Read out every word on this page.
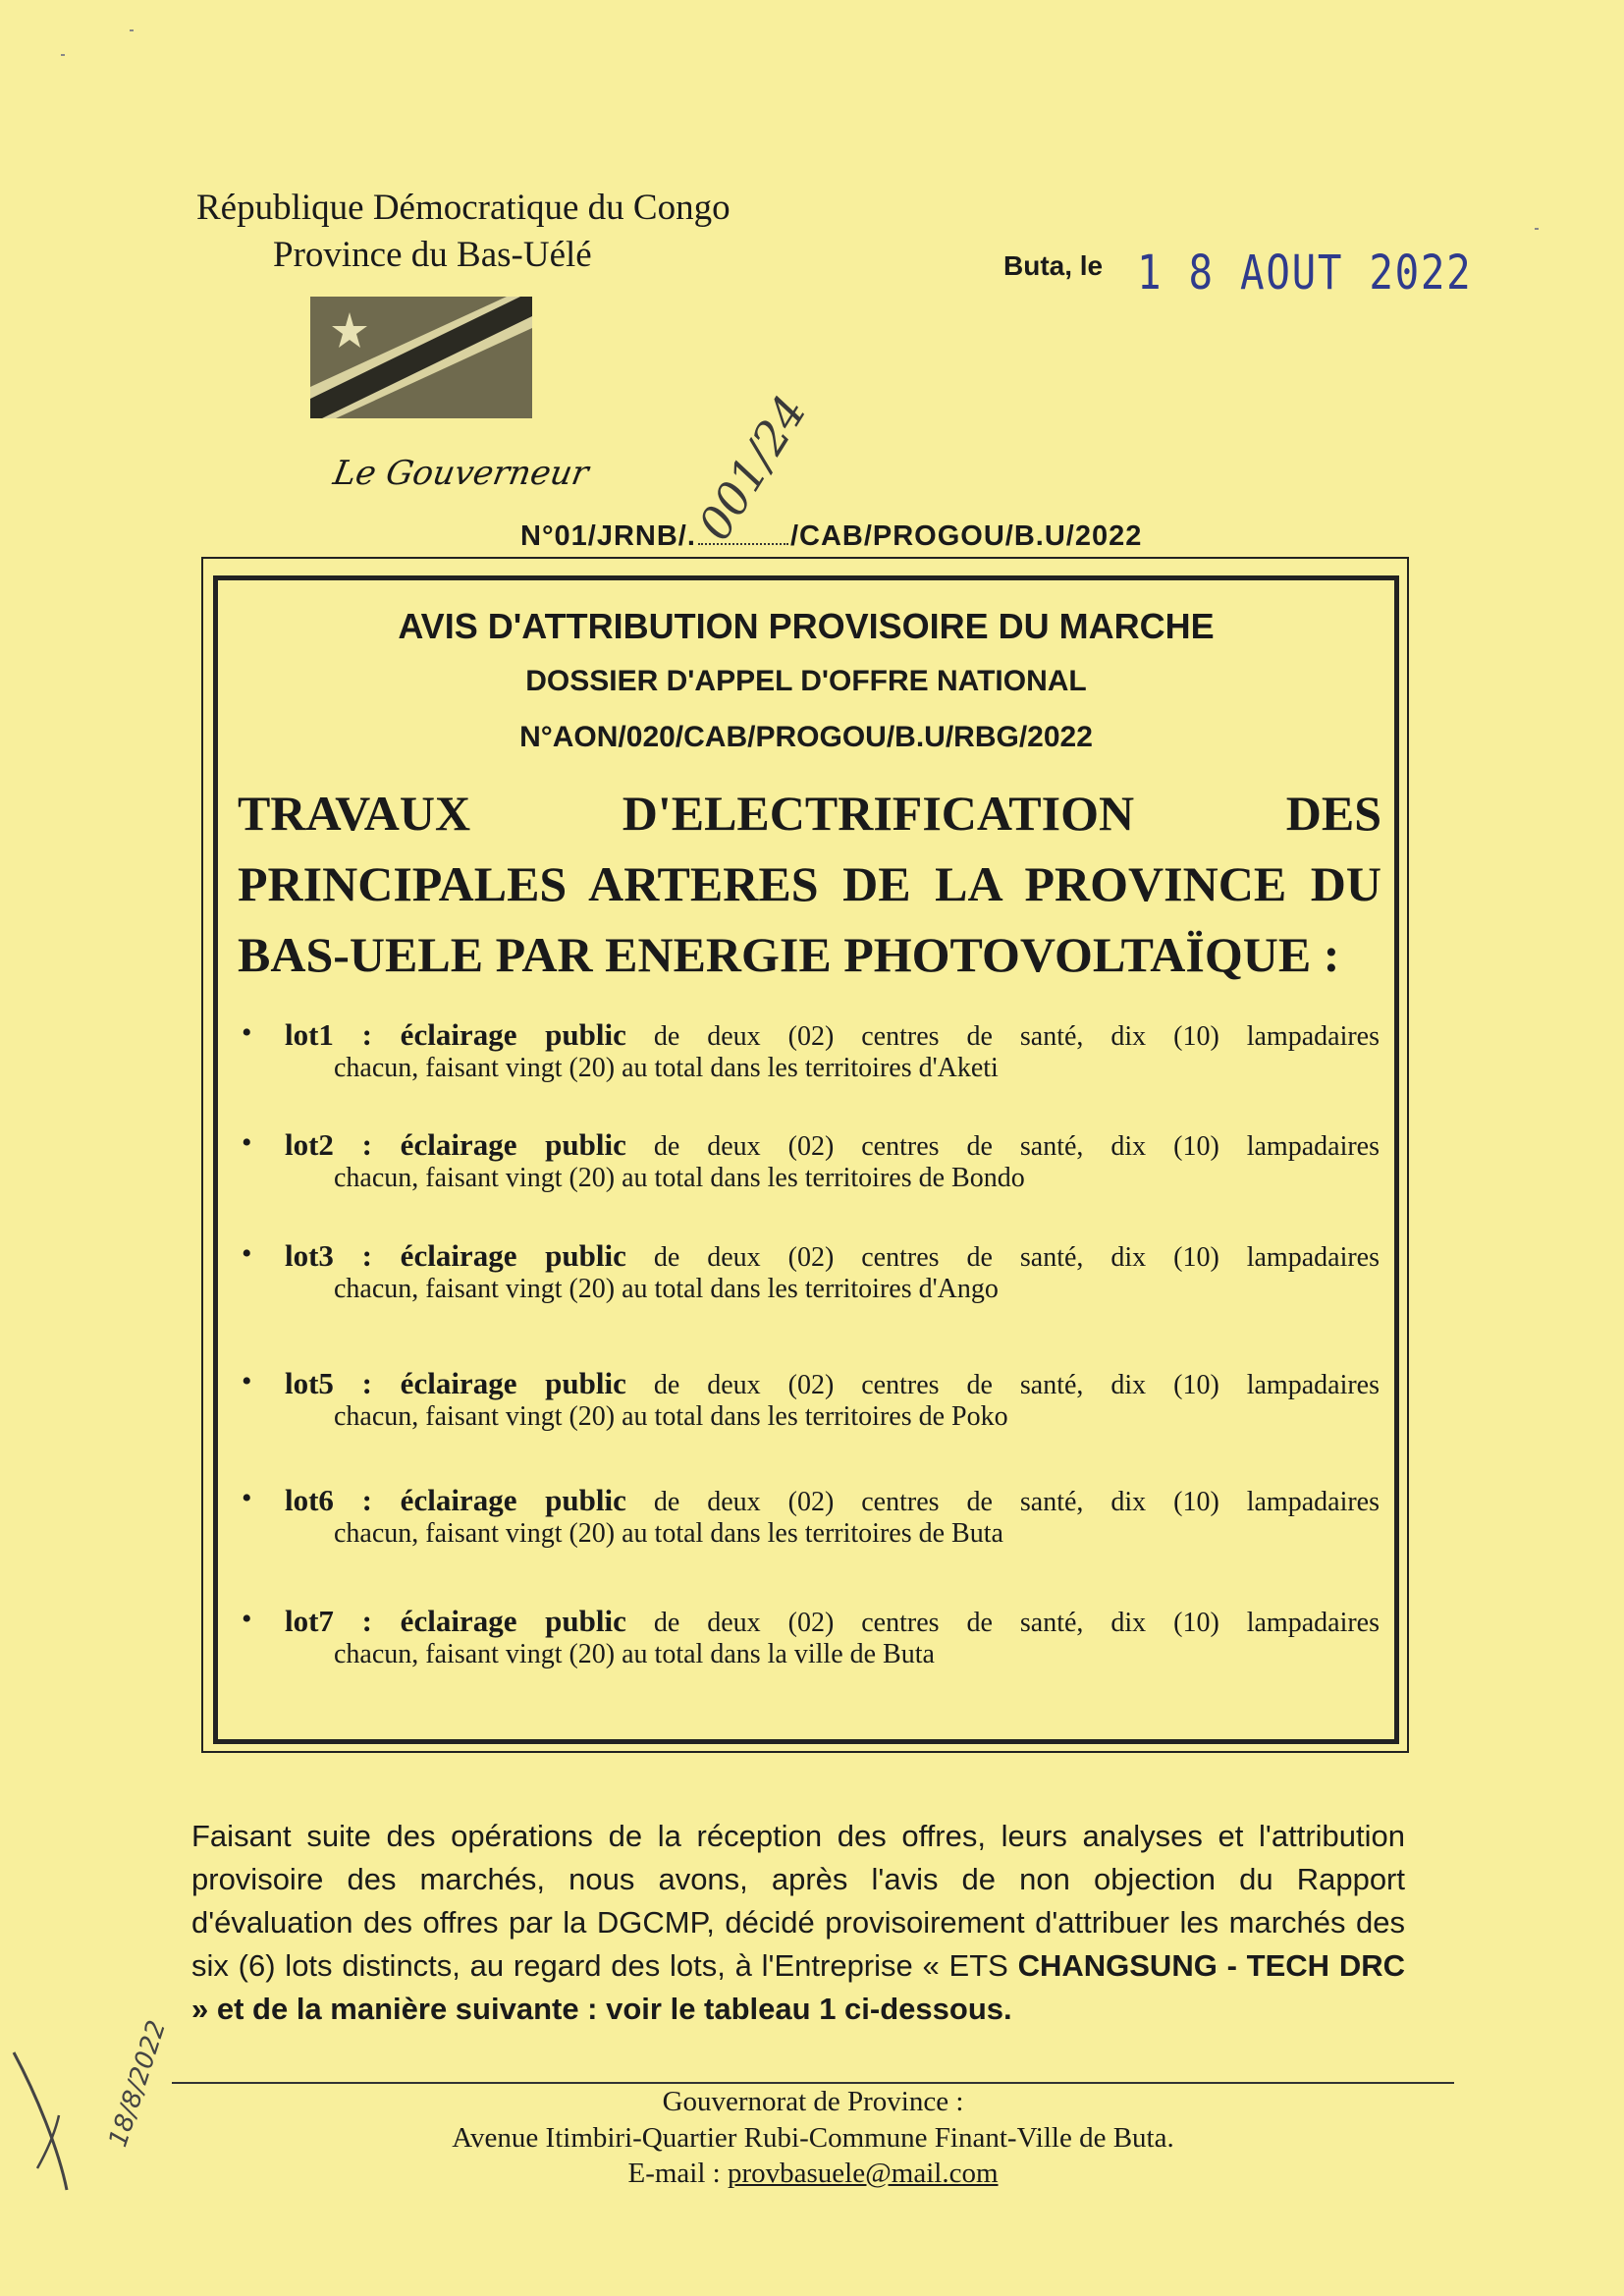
République Démocratique du Congo
Province du Bas-Uélé	Buta, le 1 8 AOUT 2022
Le Gouverneur
N°01/JRNB/.	/CAB/PROGOU/B.U/2022
001/24
AVIS D'ATTRIBUTION PROVISOIRE DU MARCHE
DOSSIER D'APPEL D'OFFRE NATIONAL
N°AON/020/CAB/PROGOU/B.U/RBG/2022
TRAVAUX D'ELECTRIFICATION DES
PRINCIPALES ARTERES DE LA PROVINCE DU
BAS-UELE PAR ENERGIE PHOTOVOLTAÏQUE :
• lot1 : éclairage public de deux (02) centres de santé, dix (10) lampadaires
chacun, faisant vingt (20) au total dans les territoires d'Aketi
• lot2 : éclairage public de deux (02) centres de santé, dix (10) lampadaires
chacun, faisant vingt (20) au total dans les territoires de Bondo
• lot3 : éclairage public de deux (02) centres de santé, dix (10) lampadaires
chacun, faisant vingt (20) au total dans les territoires d'Ango
• lot5 : éclairage public de deux (02) centres de santé, dix (10) lampadaires
chacun, faisant vingt (20) au total dans les territoires de Poko
• lot6 : éclairage public de deux (02) centres de santé, dix (10) lampadaires
chacun, faisant vingt (20) au total dans les territoires de Buta
• lot7 : éclairage public de deux (02) centres de santé, dix (10) lampadaires
chacun, faisant vingt (20) au total dans la ville de Buta
Faisant suite des opérations de la réception des offres, leurs analyses et l'attribution provisoire des marchés, nous avons, après l'avis de non objection du Rapport d'évaluation des offres par la DGCMP, décidé provisoirement d'attribuer les marchés des six (6) lots distincts, au regard des lots, à l'Entreprise « ETS CHANGSUNG - TECH DRC » et de la manière suivante : voir le tableau 1 ci-dessous.
Gouvernorat de Province :
Avenue Itimbiri-Quartier Rubi-Commune Finant-Ville de Buta.
E-mail : provbasuele@mail.com
18/8/2022
